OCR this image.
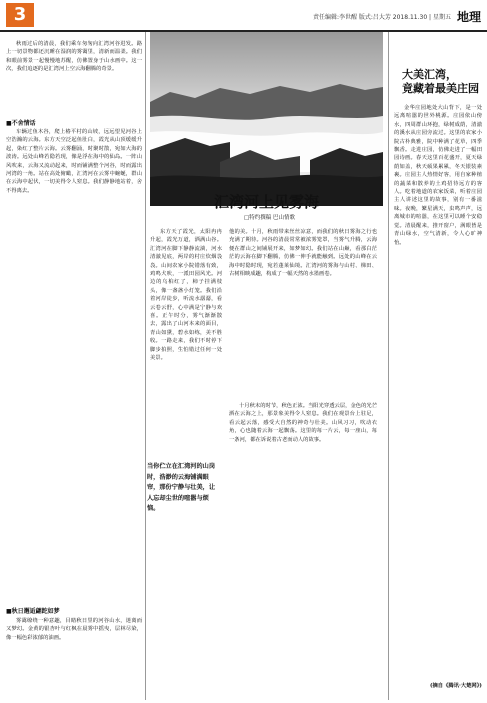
3	责任编辑:李世醒 版式:吕大芳 2018.11.30 | 星期五 地理
秋雨过后的清晨，我们乘车匆匆向汇湾河谷进发。路上一切景物都还沉睡在湿润的雾霭里，清新而温柔。我们和眼前雾景一起慢慢地苏醒，仿佛置身于山水画中。这一次，我们追逐的是汇湾河上空云海翻腾的奇景。
■不舍情话
车辆过鱼木谷，爬上椿平村的山坡，远远望见河谷上空浩瀚的云海。东方天空泛起鱼肚白，霞光从山顶缓缓升起，染红了整片云海。云雾翻涌，时聚时散，宛如大海的波涛。远处山峰若隐若现，像是浮在海中的仙岛。一阵山风吹来，云海又流动起来，时而铺满整个河谷，时而露出河湾的一角。站在高处俯瞰，汇湾河在云雾中蜿蜒，群山在云海中起伏，一切美得令人窒息。我们静静地站着，舍不得离去。
■秋日邂逅翩跎如梦
雾霭缭绕一种意趣，目睹秋日里的河谷山水，迷离而又梦幻。金黄的银杏叶与红枫在晨雾中摇曳，层林尽染，像一幅色彩浓郁的油画。
汇湾河上见雾海
□特约撰稿 巴山情歌
东方天了霞光，太阳冉冉升起，霞光万道，洒满山谷。汇湾河在脚下静静流淌，河水清澈见底，两岸的村庄炊烟袅袅。山间农家小院错落有致，鸡鸣犬吠，一派田园风光。河边的乌桕红了，柿子挂满枝头，像一盏盏小灯笼。我们沿着河岸徒步，听流水潺潺，看云卷云舒，心中满是宁静与欢喜。正午时分，雾气渐渐散去，露出了山河本来的面目，青山如黛，碧水如练，美不胜收。一路走来，我们不时停下脚步拍照，生怕错过任何一处美景。
当你伫立在汇湾河的山岗时，浩渺的云海铺满眼帘，那份宁静与壮美，让人忘却尘世的喧嚣与烦恼。
他的美。十月，秋雨带来丝丝凉意，而我们的秋日雾海之行也充满了期待。河谷的清晨常常被浓雾笼罩，当雾气升腾，云海便在群山之间铺展开来，如梦如幻。我们站在山巅，看那白茫茫的云海在脚下翻腾，仿佛一伸手就能触到。远处的山峰在云海中时隐时现，宛若蓬莱仙境。汇湾河的雾海与山村、梯田、古树相映成趣，构成了一幅天然的水墨画卷。
十月秋末的时节，秋色正浓。当阳光穿透云层，金色的光芒洒在云海之上，那景象美得令人窒息。我们在观景台上驻足，看云起云落，感受大自然的神奇与壮美。山风习习，吹动衣角，心也随着云海一起飘荡。这里的每一片云，每一座山，每一条河，都在诉说着古老而动人的故事。
大美汇湾，
竟藏着最美庄园
金华庄园地处大山背下，是一处远离喧嚣的世外桃源。庄园依山傍水，四周群山环抱，绿树成荫，清澈的溪水从庄园旁流过。这里的农家小院古朴典雅，院中种满了花草，四季飘香。走进庄园，仿佛走进了一幅田园诗画。春天这里百花盛开，夏天绿荫如盖，秋天硕果累累，冬天银装素裹。庄园主人热情好客，用自家种植的蔬菜和散养的土鸡招待远方的客人。吃着地道的农家饭菜，听着庄园主人讲述这里的故事，别有一番滋味。夜晚，繁星满天，虫鸣声声，远离城市的喧嚣，在这里可以睡个安稳觉。清晨醒来，推开窗户，满眼皆是青山绿水，空气清新，令人心旷神怡。
(摘自《腾讯·大楚网》)
